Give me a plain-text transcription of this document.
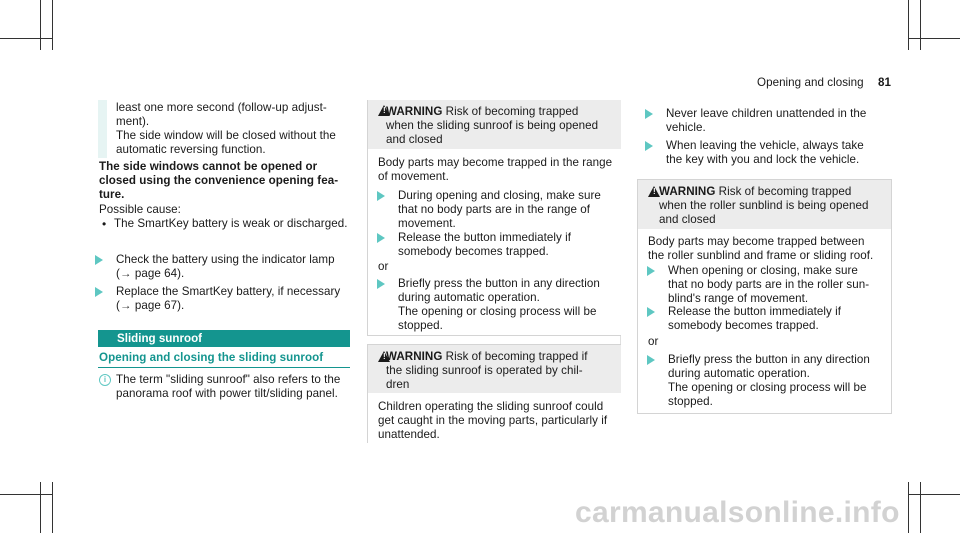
Opening and closing 81

least one more second (follow-up adjust-

ment).

The side window will be closed without the

automatic reversing function.

The side windows cannot be opened or

closed using the convenience opening fea-

ture.

Possible cause:

• The SmartKey battery is weak or discharged.

Check the battery using the indicator lamp

(→ page 64).

Replace the SmartKey battery, if necessary

(→ page 67).

Sliding sunroof

Opening and closing the sliding sunroof

i The term "sliding sunroof" also refers to the

panorama roof with power tilt/sliding panel.

! WARNING Risk of becoming trapped

when the sliding sunroof is being opened

and closed

Body parts may become trapped in the range

of movement.

During opening and closing, make sure

that no body parts are in the range of

movement.

Release the button immediately if

somebody becomes trapped.

or

Briefly press the button in any direction

during automatic operation.

The opening or closing process will be

stopped.

! WARNING Risk of becoming trapped if

the sliding sunroof is operated by chil-

dren

Children operating the sliding sunroof could

get caught in the moving parts, particularly if

unattended.

Never leave children unattended in the

vehicle.

When leaving the vehicle, always take

the key with you and lock the vehicle.

! WARNING Risk of becoming trapped

when the roller sunblind is being opened

and closed

Body parts may become trapped between

the roller sunblind and frame or sliding roof.

When opening or closing, make sure

that no body parts are in the roller sun-

blind's range of movement.

Release the button immediately if

somebody becomes trapped.

or

Briefly press the button in any direction

during automatic operation.

The opening or closing process will be

stopped.

carmanualsonline.info
